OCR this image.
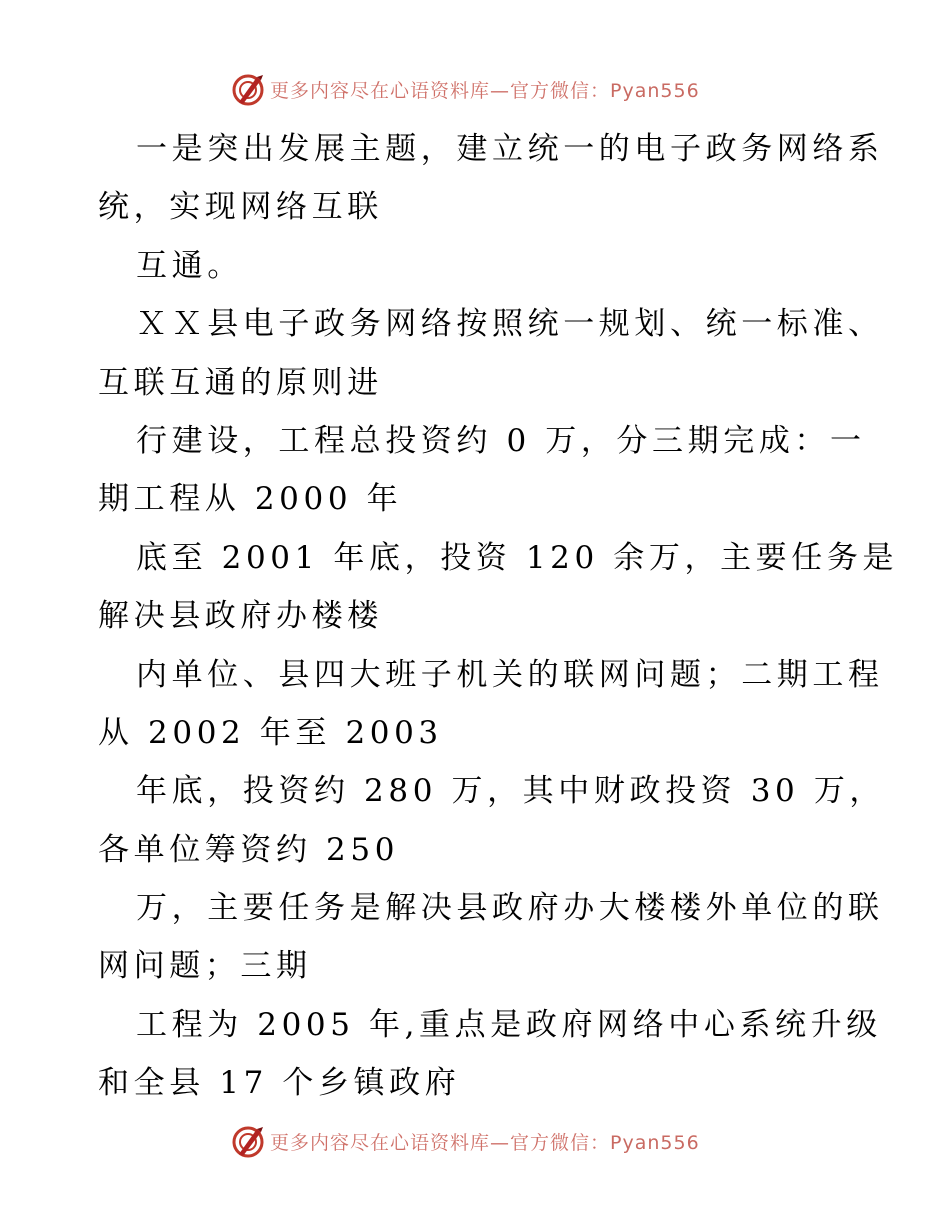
更多内容尽在心语资料库—官方微信：Pyan556
一是突出发展主题，建立统一的电子政务网络系
统，实现网络互联
互通。
ＸＸ县电子政务网络按照统一规划、统一标准、
互联互通的原则进
行建设，工程总投资约 0 万，分三期完成：一
期工程从 2000 年
底至 2001 年底，投资 120 余万，主要任务是
解决县政府办楼楼
内单位、县四大班子机关的联网问题；二期工程
从 2002 年至 2003
年底，投资约 280 万，其中财政投资 30 万，
各单位筹资约 250
万，主要任务是解决县政府办大楼楼外单位的联
网问题；三期
工程为 2005 年,重点是政府网络中心系统升级
和全县 17 个乡镇政府
更多内容尽在心语资料库—官方微信：Pyan556
